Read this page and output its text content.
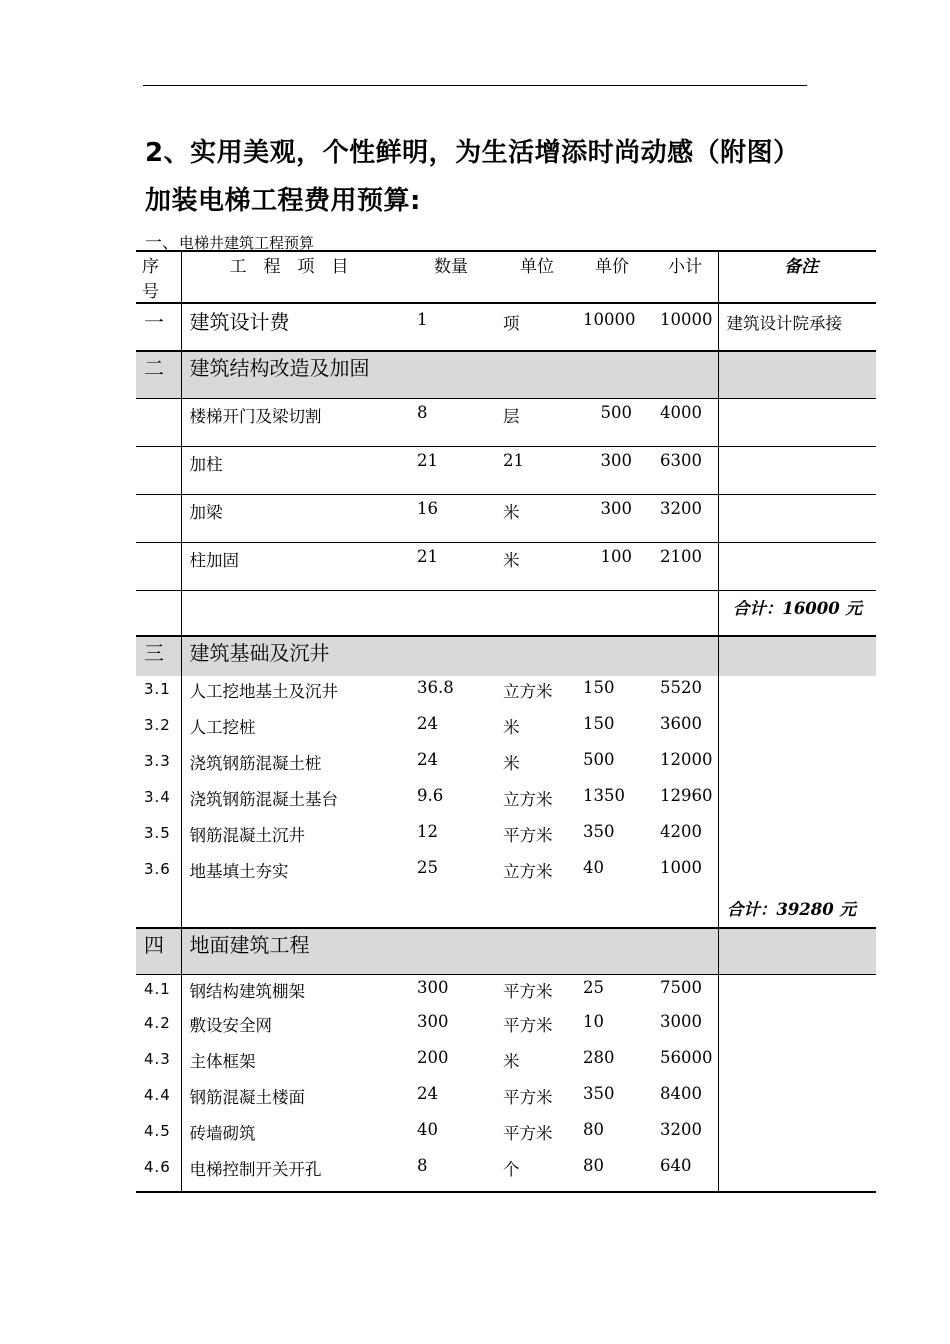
2、实用美观，个性鲜明，为生活增添时尚动感（附图）
加装电梯工程费用预算:
一、电梯井建筑工程预算
序号	工　程　项　目	数量	单位	单价	小计	备注
一	建筑设计费	1	项	10000	10000	建筑设计院承接
二	建筑结构改造及加固					
	楼梯开门及梁切割	8	层	500	4000	
	加柱	21	21	300	6300	
	加梁	16	米	300	3200	
	柱加固	21	米	100	2100	
						合计：16000 元
三	建筑基础及沉井					
3.1	人工挖地基土及沉井	36.8	立方米	150	5520	
3.2	人工挖桩	24	米	150	3600	
3.3	浇筑钢筋混凝土桩	24	米	500	12000	
3.4	浇筑钢筋混凝土基台	9.6	立方米	1350	12960	
3.5	钢筋混凝土沉井	12	平方米	350	4200	
3.6	地基填土夯实	25	立方米	40	1000	
						合计：39280 元
四	地面建筑工程					
4.1	钢结构建筑棚架	300	平方米	25	7500	
4.2	敷设安全网	300	平方米	10	3000	
4.3	主体框架	200	米	280	56000	
4.4	钢筋混凝土楼面	24	平方米	350	8400	
4.5	砖墙砌筑	40	平方米	80	3200	
4.6	电梯控制开关开孔	8	个	80	640	
